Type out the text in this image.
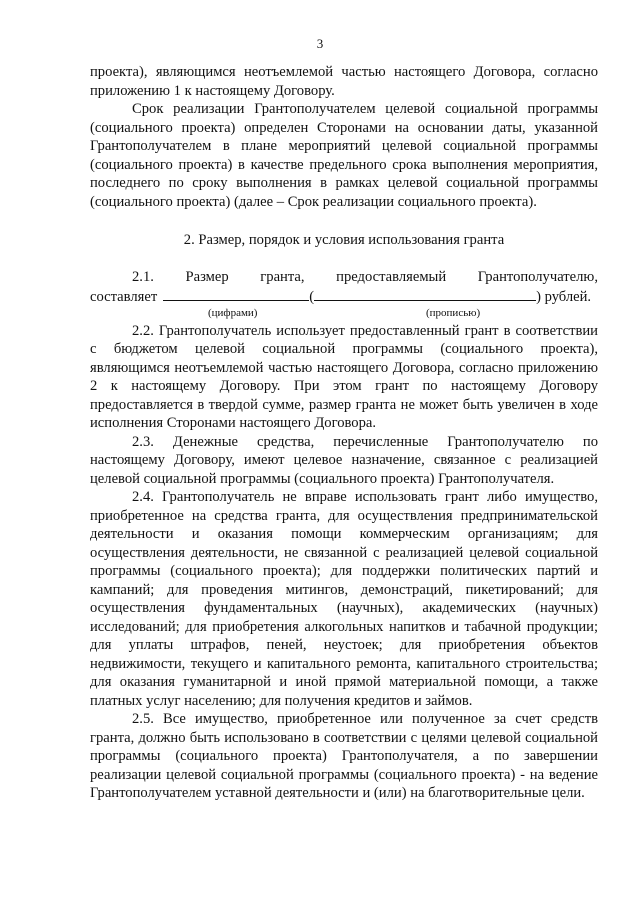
3

проекта), являющимся неотъемлемой частью настоящего Договора, согласно приложению 1 к настоящему Договору.

Срок реализации Грантополучателем целевой социальной программы (социального проекта) определен Сторонами на основании даты, указанной Грантополучателем в плане мероприятий целевой социальной программы (социального проекта) в качестве предельного срока выполнения мероприятия, последнего по сроку выполнения в рамках целевой социальной программы (социального проекта) (далее – Срок реализации социального проекта).

2. Размер, порядок и условия использования гранта

2.1. Размер гранта, предоставляемый Грантополучателю,
составляет	(	) рублей.
(цифрами)	(прописью)

2.2. Грантополучатель использует предоставленный грант в соответствии с бюджетом целевой социальной программы (социального проекта), являющимся неотъемлемой частью настоящего Договора, согласно приложению 2 к настоящему Договору. При этом грант по настоящему Договору предоставляется в твердой сумме, размер гранта не может быть увеличен в ходе исполнения Сторонами настоящего Договора.

2.3. Денежные средства, перечисленные Грантополучателю по настоящему Договору, имеют целевое назначение, связанное с реализацией целевой социальной программы (социального проекта) Грантополучателя.

2.4. Грантополучатель не вправе использовать грант либо имущество, приобретенное на средства гранта, для осуществления предпринимательской деятельности и оказания помощи коммерческим организациям; для осуществления деятельности, не связанной с реализацией целевой социальной программы (социального проекта); для поддержки политических партий и кампаний; для проведения митингов, демонстраций, пикетирований; для осуществления фундаментальных (научных), академических (научных) исследований; для приобретения алкогольных напитков и табачной продукции; для уплаты штрафов, пеней, неустоек; для приобретения объектов недвижимости, текущего и капитального ремонта, капитального строительства; для оказания гуманитарной и иной прямой материальной помощи, а также платных услуг населению; для получения кредитов и займов.

2.5. Все имущество, приобретенное или полученное за счет средств гранта, должно быть использовано в соответствии с целями целевой социальной программы (социального проекта) Грантополучателя, а по завершении реализации целевой социальной программы (социального проекта) - на ведение Грантополучателем уставной деятельности и (или) на благотворительные цели.
